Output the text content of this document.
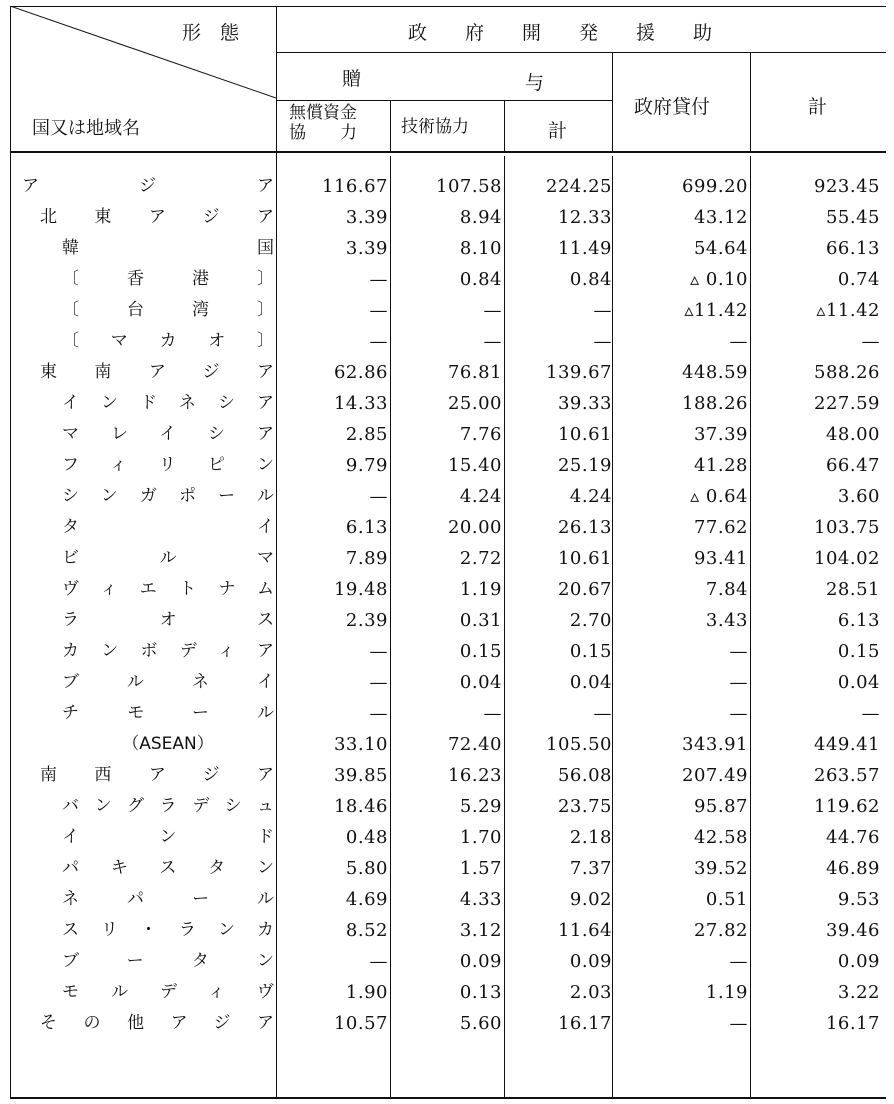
形　態
国又は地域名
政　　府　　開　　発　　援　　助
贈	与
無償資金
協　　力	技術協力	計
政府貸付	計
アジア	116.67	107.58	224.25	699.20	923.45
北東アジア	3.39	8.94	12.33	43.12	55.45
韓国	3.39	8.10	11.49	54.64	66.13
〔香港〕	—	0.84	0.84	▵ 0.10	0.74
〔台湾〕	—	—	—	▵11.42	▵11.42
〔マカオ〕	—	—	—	—	—
東南アジア	62.86	76.81	139.67	448.59	588.26
インドネシア	14.33	25.00	39.33	188.26	227.59
マレイシア	2.85	7.76	10.61	37.39	48.00
フィリピン	9.79	15.40	25.19	41.28	66.47
シンガポール	—	4.24	4.24	▵ 0.64	3.60
タイ	6.13	20.00	26.13	77.62	103.75
ビルマ	7.89	2.72	10.61	93.41	104.02
ヴィエトナム	19.48	1.19	20.67	7.84	28.51
ラオス	2.39	0.31	2.70	3.43	6.13
カンボディア	—	0.15	0.15	—	0.15
ブルネイ	—	0.04	0.04	—	0.04
チモール	—	—	—	—	—
（ASEAN）	33.10	72.40	105.50	343.91	449.41
南西アジア	39.85	16.23	56.08	207.49	263.57
バングラデシュ	18.46	5.29	23.75	95.87	119.62
インド	0.48	1.70	2.18	42.58	44.76
パキスタン	5.80	1.57	7.37	39.52	46.89
ネパール	4.69	4.33	9.02	0.51	9.53
スリ・ランカ	8.52	3.12	11.64	27.82	39.46
ブータン	—	0.09	0.09	—	0.09
モルディヴ	1.90	0.13	2.03	1.19	3.22
その他アジア	10.57	5.60	16.17	—	16.17
